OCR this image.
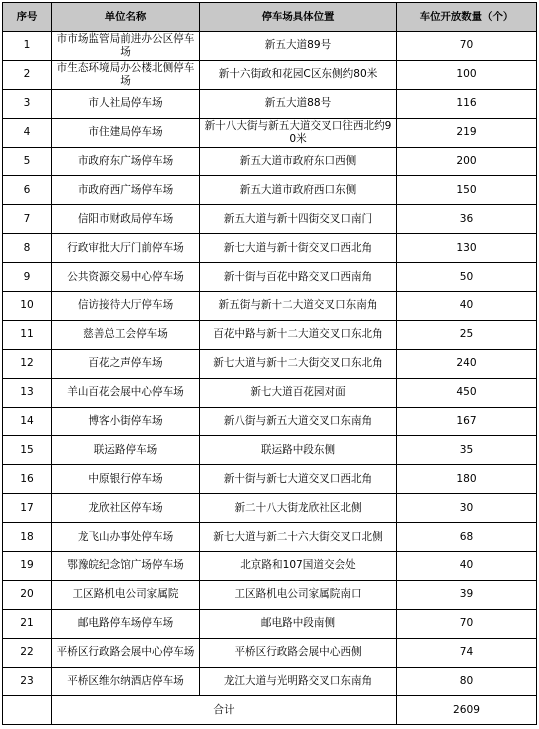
序号	单位名称	停车场具体位置	车位开放数量（个）
1	市市场监管局前进办公区停车场	新五大道89号	70
2	市生态环境局办公楼北侧停车场	新十六街政和花园C区东侧约80米	100
3	市人社局停车场	新五大道88号	116
4	市住建局停车场	新十八大街与新五大道交叉口往西北约90米	219
5	市政府东广场停车场	新五大道市政府东口西侧	200
6	市政府西广场停车场	新五大道市政府西口东侧	150
7	信阳市财政局停车场	新五大道与新十四街交叉口南门	36
8	行政审批大厅门前停车场	新七大道与新十街交叉口西北角	130
9	公共资源交易中心停车场	新十街与百花中路交叉口西南角	50
10	信访接待大厅停车场	新五街与新十二大道交叉口东南角	40
11	慈善总工会停车场	百花中路与新十二大道交叉口东北角	25
12	百花之声停车场	新七大道与新十二大街交叉口东北角	240
13	羊山百花会展中心停车场	新七大道百花园对面	450
14	博客小街停车场	新八街与新五大道交叉口东南角	167
15	联运路停车场	联运路中段东侧	35
16	中原银行停车场	新十街与新七大道交叉口西北角	180
17	龙欣社区停车场	新二十八大街龙欣社区北侧	30
18	龙飞山办事处停车场	新七大道与新二十六大街交叉口北侧	68
19	鄂豫皖纪念馆广场停车场	北京路和107国道交会处	40
20	工区路机电公司家属院	工区路机电公司家属院南口	39
21	邮电路停车场停车场	邮电路中段南侧	70
22	平桥区行政路会展中心停车场	平桥区行政路会展中心西侧	74
23	平桥区维尔纳酒店停车场	龙江大道与光明路交叉口东南角	80
	合计		2609
